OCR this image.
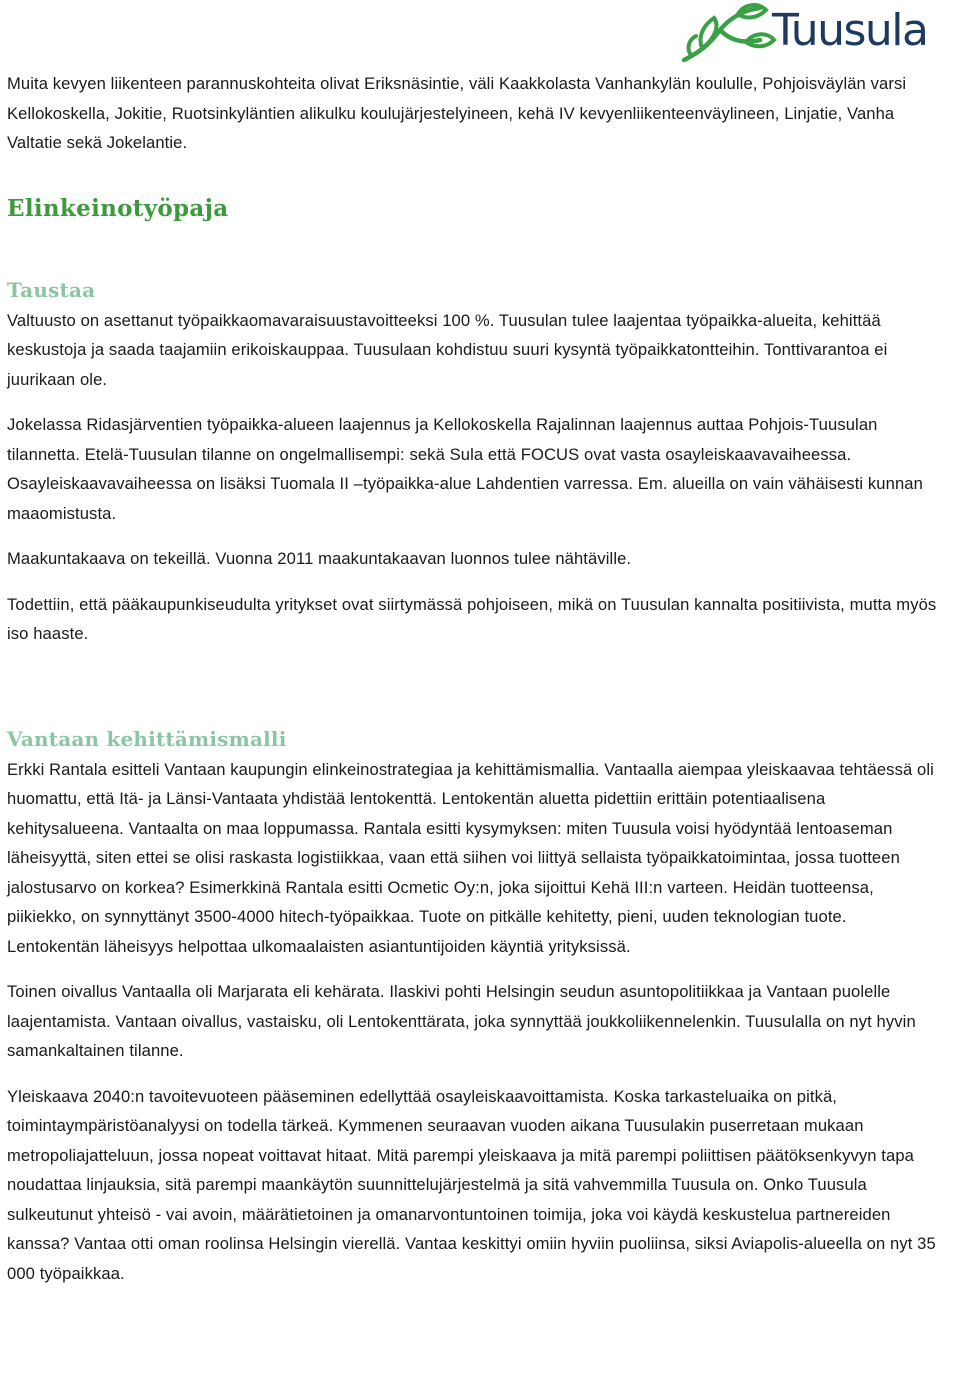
Tuusula

Muita kevyen liikenteen parannuskohteita olivat Eriksnäsintie, väli Kaakkolasta Vanhankylän koululle, Pohjoisväylän varsi Kellokoskella, Jokitie, Ruotsinkyläntien alikulku koulujärjestelyineen, kehä IV kevyenliikenteenväylineen, Linjatie, Vanha Valtatie sekä Jokelantie.

Elinkeinotyöpaja
Taustaa

Valtuusto on asettanut työpaikkaomavaraisuustavoitteeksi 100 %. Tuusulan tulee laajentaa työpaikka-alueita, kehittää keskustoja ja saada taajamiin erikoiskauppaa. Tuusulaan kohdistuu suuri kysyntä työpaikkatontteihin. Tonttivarantoa ei juurikaan ole.

Jokelassa Ridasjärventien työpaikka-alueen laajennus ja Kellokoskella Rajalinnan laajennus auttaa Pohjois-Tuusulan tilannetta. Etelä-Tuusulan tilanne on ongelmallisempi: sekä Sula että FOCUS ovat vasta osayleiskaavavaiheessa. Osayleiskaavavaiheessa on lisäksi Tuomala II –työpaikka-alue Lahdentien varressa. Em. alueilla on vain vähäisesti kunnan maaomistusta.

Maakuntakaava on tekeillä. Vuonna 2011 maakuntakaavan luonnos tulee nähtäville.

Todettiin, että pääkaupunkiseudulta yritykset ovat siirtymässä pohjoiseen, mikä on Tuusulan kannalta positiivista, mutta myös iso haaste.

Vantaan kehittämismalli

Erkki Rantala esitteli Vantaan kaupungin elinkeinostrategiaa ja kehittämismallia. Vantaalla aiempaa yleiskaavaa tehtäessä oli huomattu, että Itä- ja Länsi-Vantaata yhdistää lentokenttä. Lentokentän aluetta pidettiin erittäin potentiaalisena kehitysalueena. Vantaalta on maa loppumassa. Rantala esitti kysymyksen: miten Tuusula voisi hyödyntää lentoaseman läheisyyttä, siten ettei se olisi raskasta logistiikkaa, vaan että siihen voi liittyä sellaista työpaikkatoimintaa, jossa tuotteen jalostusarvo on korkea? Esimerkkinä Rantala esitti Ocmetic Oy:n, joka sijoittui Kehä III:n varteen. Heidän tuotteensa, piikiekko, on synnyttänyt 3500-4000 hitech-työpaikkaa. Tuote on pitkälle kehitetty, pieni, uuden teknologian tuote. Lentokentän läheisyys helpottaa ulkomaalaisten asiantuntijoiden käyntiä yrityksissä.

Toinen oivallus Vantaalla oli Marjarata eli kehärata. Ilaskivi pohti Helsingin seudun asuntopolitiikkaa ja Vantaan puolelle laajentamista. Vantaan oivallus, vastaisku, oli Lentokenttärata, joka synnyttää joukkoliikennelenkin. Tuusulalla on nyt hyvin samankaltainen tilanne.

Yleiskaava 2040:n tavoitevuoteen pääseminen edellyttää osayleiskaavoittamista. Koska tarkasteluaika on pitkä, toimintaympäristöanalyysi on todella tärkeä. Kymmenen seuraavan vuoden aikana Tuusulakin puserretaan mukaan metropoliajatteluun, jossa nopeat voittavat hitaat. Mitä parempi yleiskaava ja mitä parempi poliittisen päätöksenkyvyn tapa noudattaa linjauksia, sitä parempi maankäytön suunnittelujärjestelmä ja sitä vahvemmilla Tuusula on. Onko Tuusula sulkeutunut yhteisö - vai avoin, määrätietoinen ja omanarvontuntoinen toimija, joka voi käydä keskustelua partnereiden kanssa? Vantaa otti oman roolinsa Helsingin vierellä. Vantaa keskittyi omiin hyviin puoliinsa, siksi Aviapolis-alueella on nyt 35 000 työpaikkaa.
